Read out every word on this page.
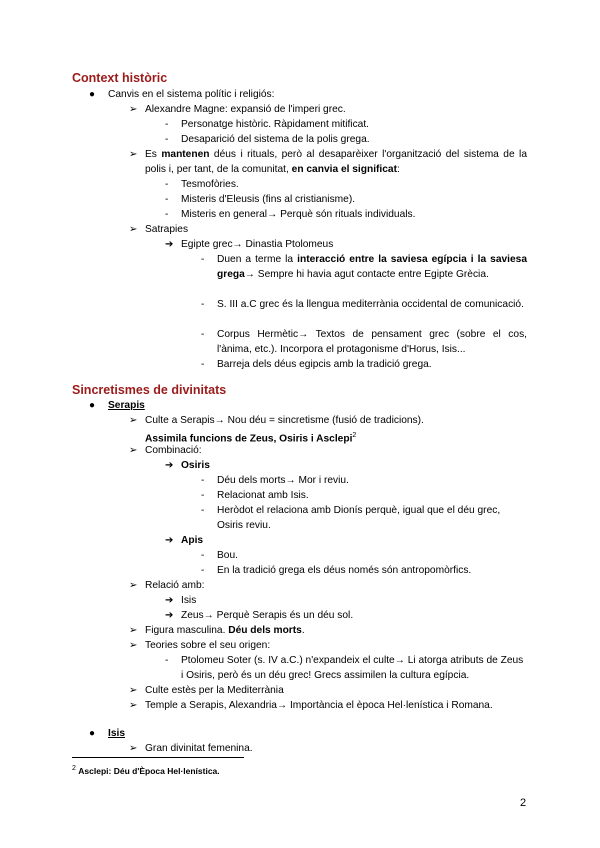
Context històric
● Canvis en el sistema polític i religiós:
➢ Alexandre Magne: expansió de l'imperi grec.
- Personatge històric. Ràpidament mitificat.
- Desaparició del sistema de la polis grega.
➢ Es mantenen déus i rituals, però al desaparèixer l'organització del sistema de la polis i, per tant, de la comunitat, en canvia el significat:
- Tesmofòries.
- Misteris d'Eleusis (fins al cristianisme).
- Misteris en general→ Perquè són rituals individuals.
➢ Satrapies
➔ Egipte grec→ Dinastia Ptolomeus
- Duen a terme la interacció entre la saviesa egípcia i la saviesa grega→ Sempre hi havia agut contacte entre Egipte Grècia.
- S. III a.C grec és la llengua mediterrània occidental de comunicació.
- Corpus Hermètic→ Textos de pensament grec (sobre el cos, l'ànima, etc.). Incorpora el protagonisme d'Horus, Isis...
- Barreja dels déus egipcis amb la tradició grega.
Sincretismes de divinitats
● Serapis
➢ Culte a Serapis→ Nou déu = sincretisme (fusió de tradicions).
Assimila funcions de Zeus, Osiris i Asclepi$^2$
➢ Combinació:
➔ Osiris
- Déu dels morts→ Mor i reviu.
- Relacionat amb Isis.
- Heròdot el relaciona amb Dionís perquè, igual que el déu grec, Osiris reviu.
➔ Apis
- Bou.
- En la tradició grega els déus només són antropomòrfics.
➢ Relació amb:
➔ Isis
➔ Zeus→ Perquè Serapis és un déu sol.
➢ Figura masculina. Déu dels morts.
➢ Teories sobre el seu origen:
- Ptolomeu Soter (s. IV a.C.) n'expandeix el culte→ Li atorga atributs de Zeus i Osiris, però és un déu grec! Grecs assimilen la cultura egípcia.
➢ Culte estès per la Mediterrània
➢ Temple a Serapis, Alexandria→ Importància el època Hel·lenística i Romana.
● Isis
➢ Gran divinitat femenina.
$^2$ Asclepi: Déu d'Època Hel·lenística.
2
